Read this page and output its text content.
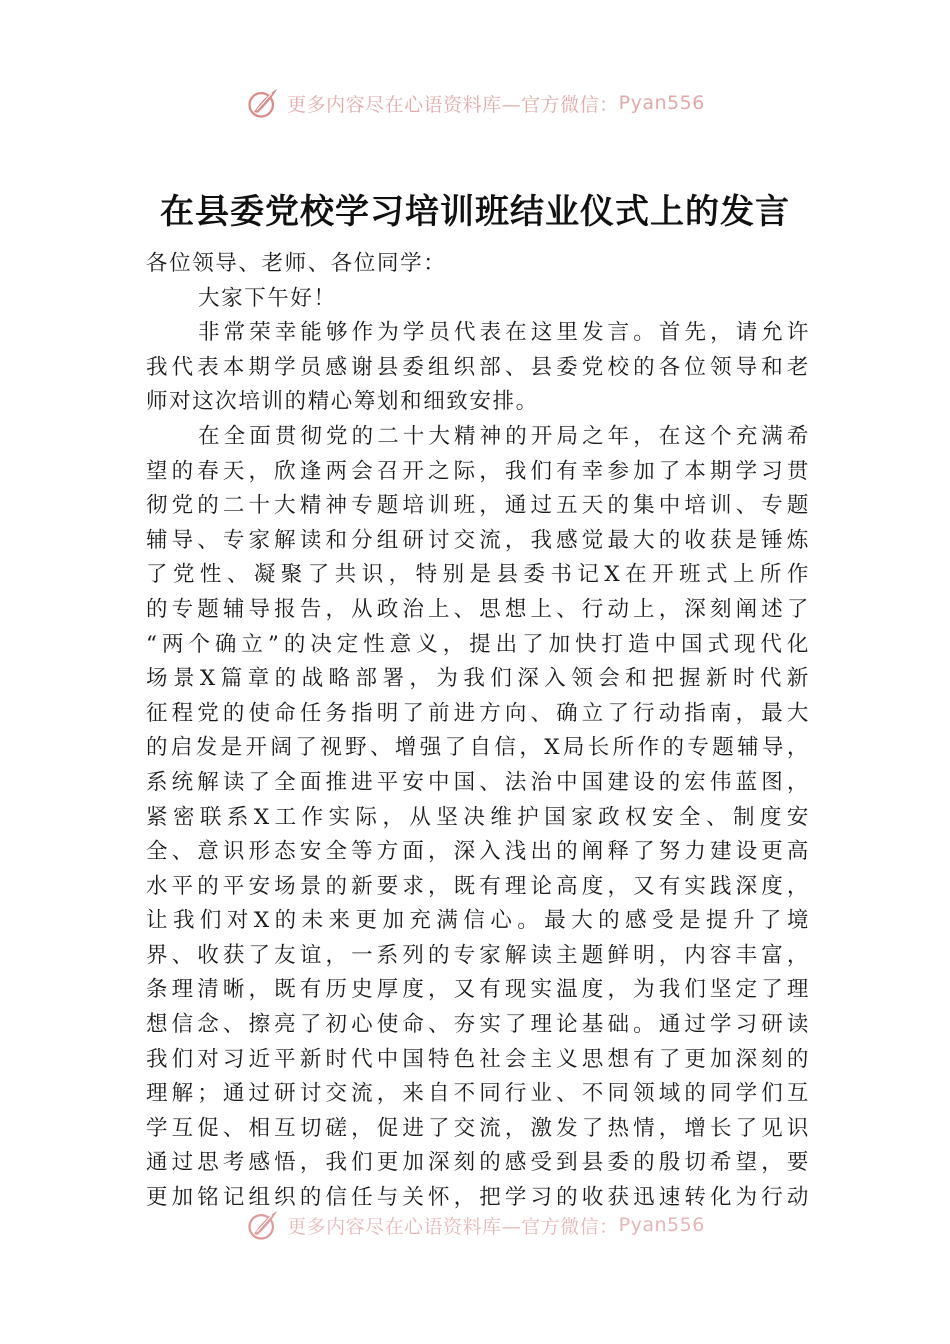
更多内容尽在心语资料库—官方微信： Pyan556
在县委党校学习培训班结业仪式上的发言
各位领导、老师、各位同学：
大家下午好！
非常荣幸能够作为学员代表在这里发言。首先，请允许
我代表本期学员感谢县委组织部、县委党校的各位领导和老
师对这次培训的精心筹划和细致安排。
在全面贯彻党的二十大精神的开局之年，在这个充满希
望的春天，欣逢两会召开之际，我们有幸参加了本期学习贯
彻党的二十大精神专题培训班，通过五天的集中培训、专题
辅导、专家解读和分组研讨交流，我感觉最大的收获是锤炼
了党性、凝聚了共识，特别是县委书记X在开班式上所作
的专题辅导报告，从政治上、思想上、行动上，深刻阐述了
“两个确立”的决定性意义，提出了加快打造中国式现代化
场景X篇章的战略部署，为我们深入领会和把握新时代新
征程党的使命任务指明了前进方向、确立了行动指南，最大
的启发是开阔了视野、增强了自信，X局长所作的专题辅导，
系统解读了全面推进平安中国、法治中国建设的宏伟蓝图，
紧密联系X工作实际，从坚决维护国家政权安全、制度安
全、意识形态安全等方面，深入浅出的阐释了努力建设更高
水平的平安场景的新要求，既有理论高度，又有实践深度，
让我们对X的未来更加充满信心。最大的感受是提升了境
界、收获了友谊，一系列的专家解读主题鲜明，内容丰富，
条理清晰，既有历史厚度，又有现实温度，为我们坚定了理
想信念、擦亮了初心使命、夯实了理论基础。通过学习研读
我们对习近平新时代中国特色社会主义思想有了更加深刻的
理解；通过研讨交流，来自不同行业、不同领域的同学们互
学互促、相互切磋，促进了交流，激发了热情，增长了见识
通过思考感悟，我们更加深刻的感受到县委的殷切希望，要
更加铭记组织的信任与关怀，把学习的收获迅速转化为行动
更多内容尽在心语资料库—官方微信： Pyan556
